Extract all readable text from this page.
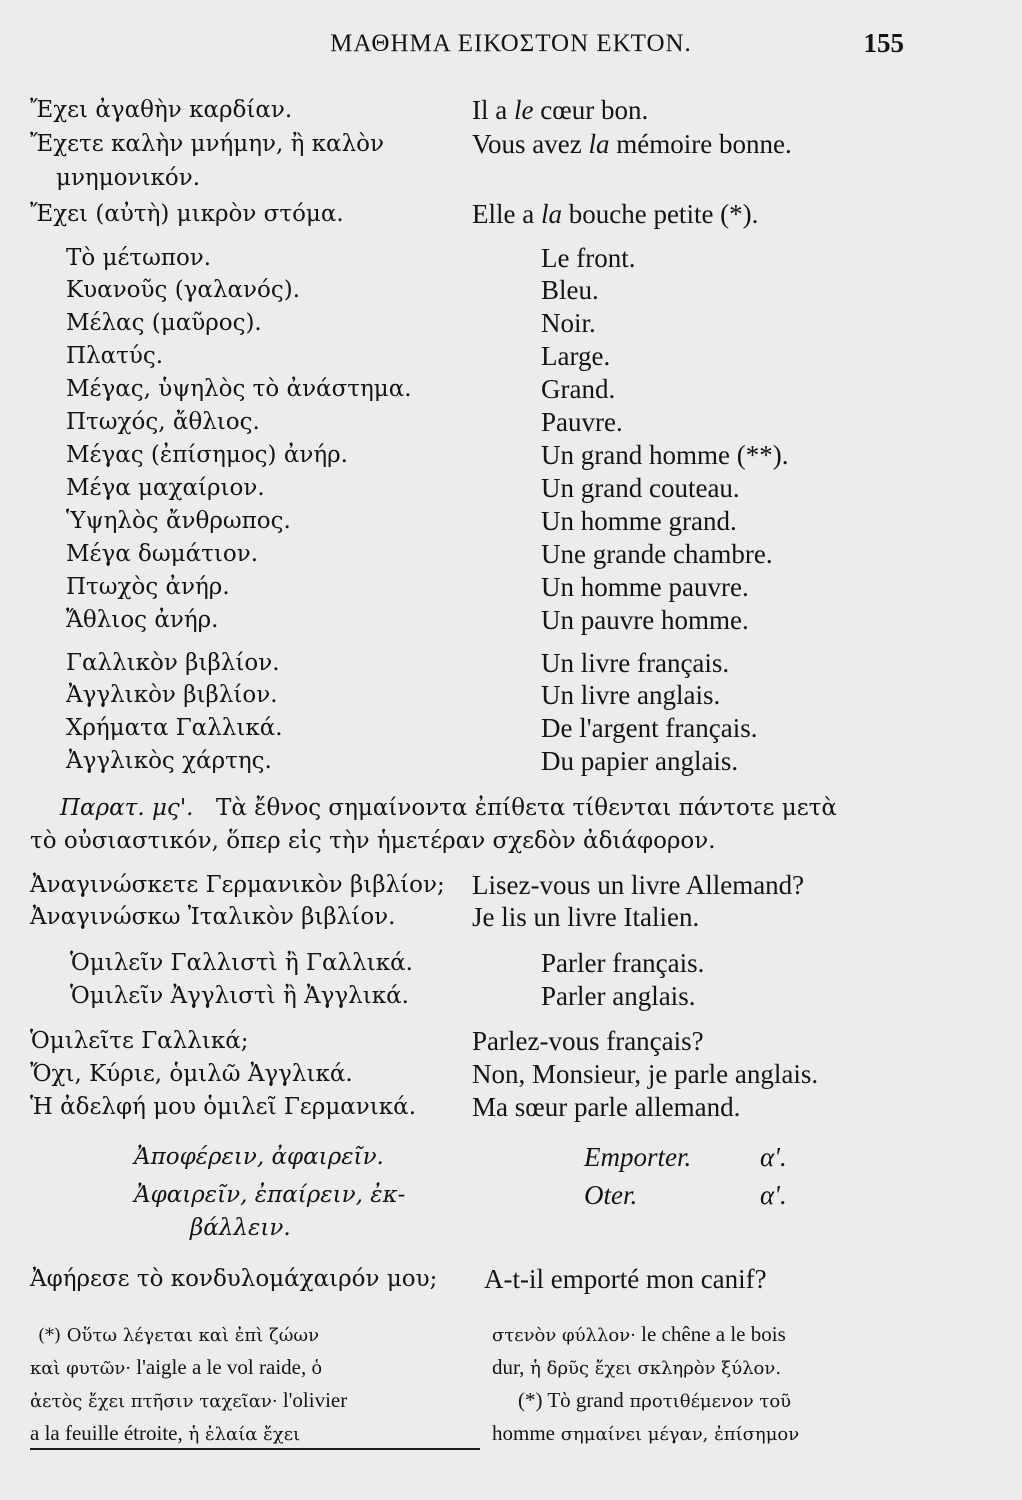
ΜΑΘΗΜΑ ΕΙΚΟΣΤΟΝ ΕΚΤΟΝ.	155
Ἔχει ἀγαθὴν καρδίαν.	Il a le cœur bon.
Ἔχετε καλὴν μνήμην, ἢ καλὸν	Vous avez la mémoire bonne.
μνημονικόν.
Ἔχει (αὐτὴ) μικρὸν στόμα.	Elle a la bouche petite (*).
Τὸ μέτωπον.	Le front.
Κυανοῦς (γαλανός).	Bleu.
Μέλας (μαῦρος).	Noir.
Πλατύς.	Large.
Μέγας, ὑψηλὸς τὸ ἀνάστημα.	Grand.
Πτωχός, ἄθλιος.	Pauvre.
Μέγας (ἐπίσημος) ἀνήρ.	Un grand homme (**).
Μέγα μαχαίριον.	Un grand couteau.
Ὑψηλὸς ἄνθρωπος.	Un homme grand.
Μέγα δωμάτιον.	Une grande chambre.
Πτωχὸς ἀνήρ.	Un homme pauvre.
Ἄθλιος ἀνήρ.	Un pauvre homme.
Γαλλικὸν βιβλίον.	Un livre français.
Ἀγγλικὸν βιβλίον.	Un livre anglais.
Χρήματα Γαλλικά.	De l'argent français.
Ἀγγλικὸς χάρτης.	Du papier anglais.
Παρατ. μς'. Τὰ ἔθνος σημαίνοντα ἐπίθετα τίθενται πάντοτε μετὰ
τὸ οὐσιαστικόν, ὅπερ εἰς τὴν ἡμετέραν σχεδὸν ἀδιάφορον.
Ἀναγινώσκετε Γερμανικὸν βιβλίον; Lisez-vous un livre Allemand?
Ἀναγινώσκω Ἰταλικὸν βιβλίον.	Je lis un livre Italien.
Ὁμιλεῖν Γαλλιστὶ ἢ Γαλλικά.	Parler français.
Ὁμιλεῖν Ἀγγλιστὶ ἢ Ἀγγλικά.	Parler anglais.
Ὁμιλεῖτε Γαλλικά;	Parlez-vous français?
Ὄχι, Κύριε, ὁμιλῶ Ἀγγλικά.	Non, Monsieur, je parle anglais.
Ἡ ἀδελφή μου ὁμιλεῖ Γερμανικά. Ma sœur parle allemand.
Ἀποφέρειν, ἀφαιρεῖν.	Emporter.	α'.
Ἀφαιρεῖν, ἐπαίρειν, ἐκ-	Oter.	α'.
βάλλειν.
Ἀφήρεσε τὸ κονδυλομάχαιρόν μου; A-t-il emporté mon canif?
(*) Οὕτω λέγεται καὶ ἐπὶ ζώων
καὶ φυτῶν· l'aigle a le vol raide, ὁ
ἀετὸς ἔχει πτῆσιν ταχεῖαν· l'olivier
a la feuille étroite, ἡ ἐλαία ἔχει
στενὸν φύλλον· le chêne a le bois
dur, ἡ δρῦς ἔχει σκληρὸν ξύλον.
(*) Τὸ grand προτιθέμενον τοῦ
homme σημαίνει μέγαν, ἐπίσημον
